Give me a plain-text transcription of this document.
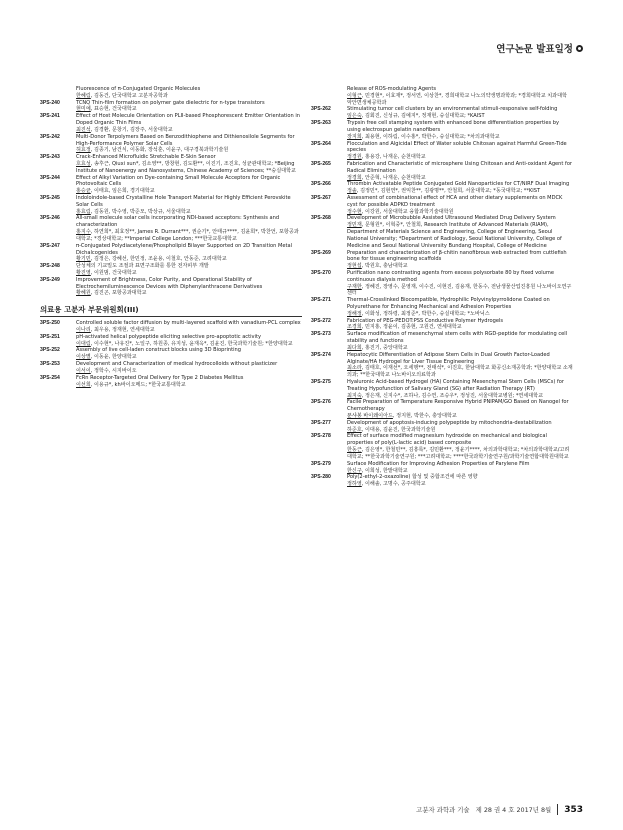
연구논문 발표일정
Fluorescence of π-Conjugated Organic Molecules
한혜림, 김동건, 단국대학교 고분자공학과
3PS-240	TCNQ Thin-film formation on polymer gate dielectric for n-type transistors
현미예, 표승현, 건국대학교
3PS-241	Effect of Host Molecule Orientation on PLII-based Phosphorescent Emitter Orientation in Doped Organic Thin Films
최진석, 김경환, 문창기, 김장주, 서울대학교
3PS-242	Multi-Donor Terpolymers Based on Benzodithiophene and Dithienosilole Segments for High-Performance Polymer Solar Cells
허효정, 김종기, 남건식, 이동화, 장석훈, 이윤구, 대구경북과학기술원
3PS-243	Crack-Enhanced Microfluidic Stretchable E-Skin Sensor
호효성, 송후근, Qiuxi sun*, 김소영**, 방창현, 김도환**, 이진기, 조진호, 성균관대학교; *Beijing Institute of Nanoenergy and Nanosystems, Chinese Academy of Sciences; **숭실대학교
3PS-244	Effect of Alkyl Variation on Dye-containing Small Molecule Acceptors for Organic Photovoltaic Cells
홍승균, 이태효, 임은희, 경기대학교
3PS-245	Indoloindole-based Crystalline Hole Transport Material for Highly Efficient Perovskite Solar Cells
홍효림, 김동원, 박수영, 박준모, 박상규, 서울대학교
3PS-246	All-small molecule solar cells incorporating NDI-based acceptors: Synthesis and characterization
홍지수, 하연희*, 최효정**, James R. Durrant***, 권순기*, 안태규****, 김윤희*, 박찬언, 포항공과대학교; *경상대학교; **Imperial College London; ***한국교통대학교
3PS-247	π-Conjugated Polydiacetylene/Phospholipid Bilayer Supported on 2D Transition Metal Dichalcogenides
황기민, 김정은, 강혜선, 한민정, 조윤용, 이철호, 안동준, 고려대학교
3PS-248	단성체의 기교밀도 조절과 표면구조화를 통한 전자피부 개발
황진영, 이원범, 건국대학교
3PS-249	Improvement of Brightness, Color Purity, and Operational Stability of Electrochemiluminescence Devices with Diphenylanthracene Derivatives
황혜원, 김진곤, 포항공과대학교
의료용 고분자 부문위원회(III)
3PS-250	Controlled soluble factor diffusion by multi-layered scaffold with vanadium-PCL complex
이나리, 최우용, 정재현, 연세대학교
3PS-251	pH-activated helical polypeptide eliciting selective pro-apoptotic activity
이대림, 이수현*, 나유진*, 노일구, 하원종, 유지성, 윤재옥*, 김윤진, 한국과학기술원; *한양대학교
3PS-252	Assembly of live cell-laden construct blocks using 3D Bioprinting
이상별, 이동윤, 한양대학교
3PS-253	Development and Characterization of medical hydrocolloids without plasticizer
이서이, 정학수, 시지바이오
3PS-254	FcRn Receptor-Targeted Oral Delivery for Type 2 Diabetes Mellitus
이선희, 이용규*, kh바이오메드; *한국교통대학교
Release of ROS-modulating Agents
이형근, 민경현*, 이효재*, 정서연, 이상찬*, 경희대학교 나노의약생명과학과; *경희대학교 치과대학 악안면생체공학과
3PS-262	Stimulating tumor cell clusters by an environmental stimuli-responsive self-folding
임은숙, 김회진, 신성규, 김예지*, 정재현, 숭실대학교; *KAIST
3PS-263	Trypsin free cell stamping system with enhanced bone differentiation properties by using electrospun gelatin nanofibers
장지희, 최용현, 이하림, 이수홍*, 박한수, 숭실대학교; *차의과대학교
3PS-264	Flocculation and Algicidal Effect of Water soluble Chitosan against Harmful Green-Tide species
정경원, 홍용강, 나재운, 순천대학교
3PS-265	Fabrication and Characteristic of microsphere Using Chitosan and Anti-oxidant Agent for Radical Elimination
정경희, 안준혁, 나재운, 순천대학교
3PS-266	Thrombin Activatable Peptide Conjugated Gold Nanoparticles for CT/NIRF Dual Imaging
정솔, 김정민*, 김현연*, 권익찬**, 김광명**, 안철희, 서울대학교; *동국대학교; **KIST
3PS-267	Assessment of combinational effect of HCA and other dietary supplements on MDCK cyst for possible ADPKD treatment
정수현, 이강원, 서울대학교 융합과학기술대학원
3PS-268	Development of Microbubble Assisted Ultrasound Mediated Drug Delivery System
정민재, 문형원*, 이혁중*, 안철희, Research Institute of Advanced Materials (RIAM), Department of Materials Science and Engineering, College of Engineering, Seoul National University; *Department of Radiology, Seoul National University, College of Medicine and Seoul National University Bundang Hospital, College of Medicine
3PS-269	Preparation and characterization of β-chitin nanofibrous web extracted from cuttlefish bone for tissue engineering scaffolds
정현섭, 박원호, 충남대학교
3PS-270	Purification nano contrasting agents from excess polysorbate 80 by fixed volume continuous dialysis method
구재한, 정혜진, 장영수, 문영재, 이수진, 이현진, 김용재, 한동수, 전남생물산업진흥원 나노바이오연구센터
3PS-271	Thermal-Crosslinked Biocompatible, Hydrophilic Polyvinylpyrrolidone Coated on Polyurethane for Enhancing Mechanical and Adhesion Properties
정해정, 이화성, 정하령, 최정준*, 박한수, 숭실대학교; *노바닉스
3PS-272	Fabrication of PEG-PEDOT:PSS Conductive Polymer Hydrogels
조경희, 민지홍, 정윤이, 김종현, 고원건, 연세대학교
3PS-273	Surface modification of mesenchymal stem cells with RGD-peptide for modulating cell stability and functions
최다희, 홍진기, 중앙대학교
3PS-274	Hepatocytic Differentiation of Adipose Stem Cells in Dual Growth Factor-Loaded Alginate/HA Hydrogel for Liver Tissue Engineering
최소라, 김태호, 이재선*, 오세행**, 전태석*, 이진호, 한남대학교 화공신소재공학과; *한양대학교 소재의과; **한국대학교 나노바이오의료학과
3PS-275	Hyaluronic Acid-based Hydrogel (HA) Containing Mesenchymal Stem Cells (MSCs) for Treating Hypofunction of Salivary Gland (SG) after Radiation Therapy (RT)
최지숙, 정은재, 신지수*, 조하나, 김수연, 조승우*, 정성진, 서울대학교병원; *연세대학교
3PS-276	Facile Preparation of Temperature Responsive Hybrid PNIPAM/GO Based on Nanogel for Chemotherapy
푼샤봉 바이왜이아드, 정지현, 박한수, 충앙대학교
3PS-277	Development of apoptosis-inducing polypeptide by mitochondria-destabilization
하준호, 이대용, 김윤진, 한국과학기술원
3PS-278	Effect of surface modified magnesium hydroxide on mechanical and biological properties of poly(L-lactic acid) based composite
한동근, 김은영*, 한철민**, 김흥록*, 김민환***, 정윤기****, 차의과학대학교; *차의과학대학교/고려대학교; **한국과학기술연구원; ***고려대학교; ****한국과학기술연구원/과학기술연합대학원대학교
3PS-279	Surface Modification for Improving Adhesion Properties of Parylene Film
한신구, 이희성, 한밭대학교
3PS-280	Poly(2-ethyl-2-oxazoline) 합성 및 중합조건에 따른 영향
정하영, 이해솔, 고명수, 공주대학교
고분자 과학과 기술 제 28 권 4 호 2017년 8월 353
